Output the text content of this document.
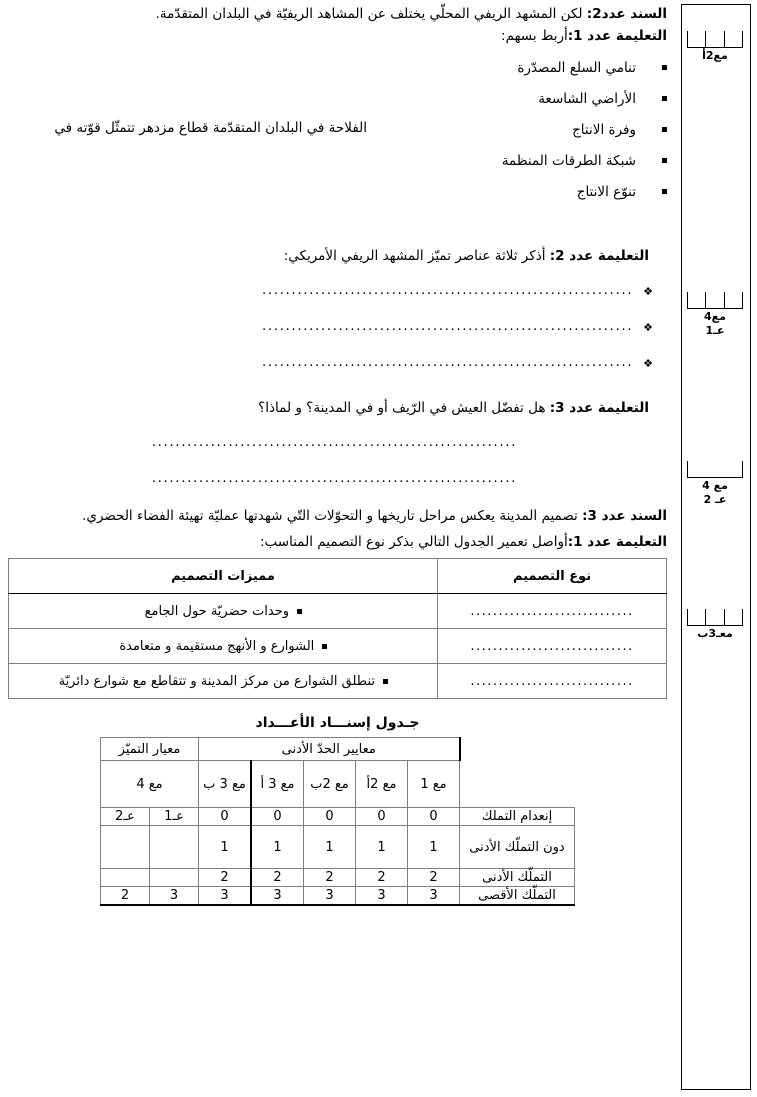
مع2أ
مع4
عـ1
مع 4
عـ 2
معـ3ب

السند عدد2: لكن المشهد الريفي المحلّي يختلف عن المشاهد الريفيّة في البلدان المتقدّمة.

التعليمة عدد 1:أربط بسهم:

الفلاحة في البلدان المتقدّمة قطاع مزدهر تتمثّل قوّته في
تنامي السلع المصدّرة
الأراضي الشاسعة
وفرة الانتاج
شبكة الطرقات المنظمة
تنوّع الانتاج

التعليمة عدد 2: أذكر ثلاثة عناصر تميّز المشهد الريفي الأمريكي:

❖
...............................................................
❖
...............................................................
❖
...............................................................

التعليمة عدد 3: هل تفضّل العيش في الرّيف أو في المدينة؟ و لماذا؟

..............................................................
..............................................................

السند عدد 3: تصميم المدينة يعكس مراحل تاريخها و التحوّلات التّي شهدتها عمليّة تهيئة الفضاء الحضري.

التعليمة عدد 1:أواصل تعمير الجدول التالي بذكر نوع التصميم المناسب:

نوع التصميم	مميزات التصميم
.............................	وحدات حضريّة حول الجامع

.............................	الشوارع و الأنهج مستقيمة و متعامدة

.............................	تنطلق الشوارع من مركز المدينة و تتقاطع مع شوارع دائريّة
جـدول إسنـــاد الأعـــداد
	معايير الحدّ الأدنى					معيار التميّز	
	مع 1	مع 2أ	مع 2ب	مع 3 أ	مع 3 ب	مع 4	
إنعدام التملك	0	0	0	0	0	عـ1	عـ2
دون التملّك الأدنى	1	1	1	1	1		
التملّك الأدنى	2	2	2	2	2		
التملّك الأقصى	3	3	3	3	3	3	2
